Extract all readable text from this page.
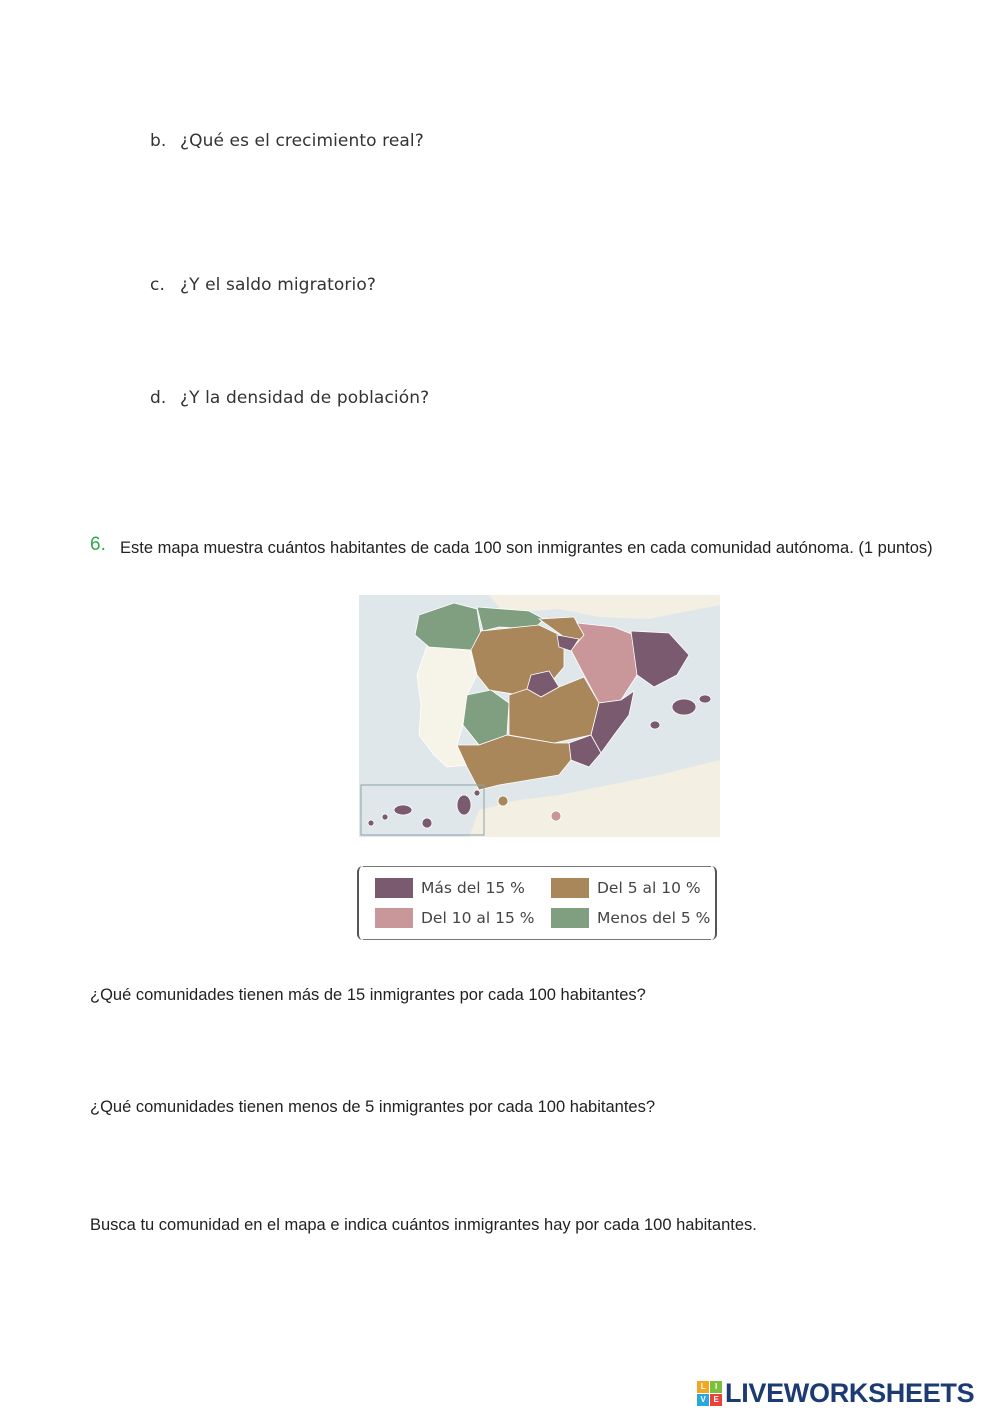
b. ¿Qué es el crecimiento real?
c. ¿Y el saldo migratorio?
d. ¿Y la densidad de población?
6. Este mapa muestra cuántos habitantes de cada 100 son inmigrantes en cada comunidad autónoma. (1 puntos)
Más del 15 %	Del 5 al 10 %
Del 10 al 15 %	Menos del 5 %
¿Qué comunidades tienen más de 15 inmigrantes por cada 100 habitantes?
¿Qué comunidades tienen menos de 5 inmigrantes por cada 100 habitantes?
Busca tu comunidad en el mapa e indica cuántos inmigrantes hay por cada 100 habitantes.
L	I
V E LIVEWORKSHEETS
